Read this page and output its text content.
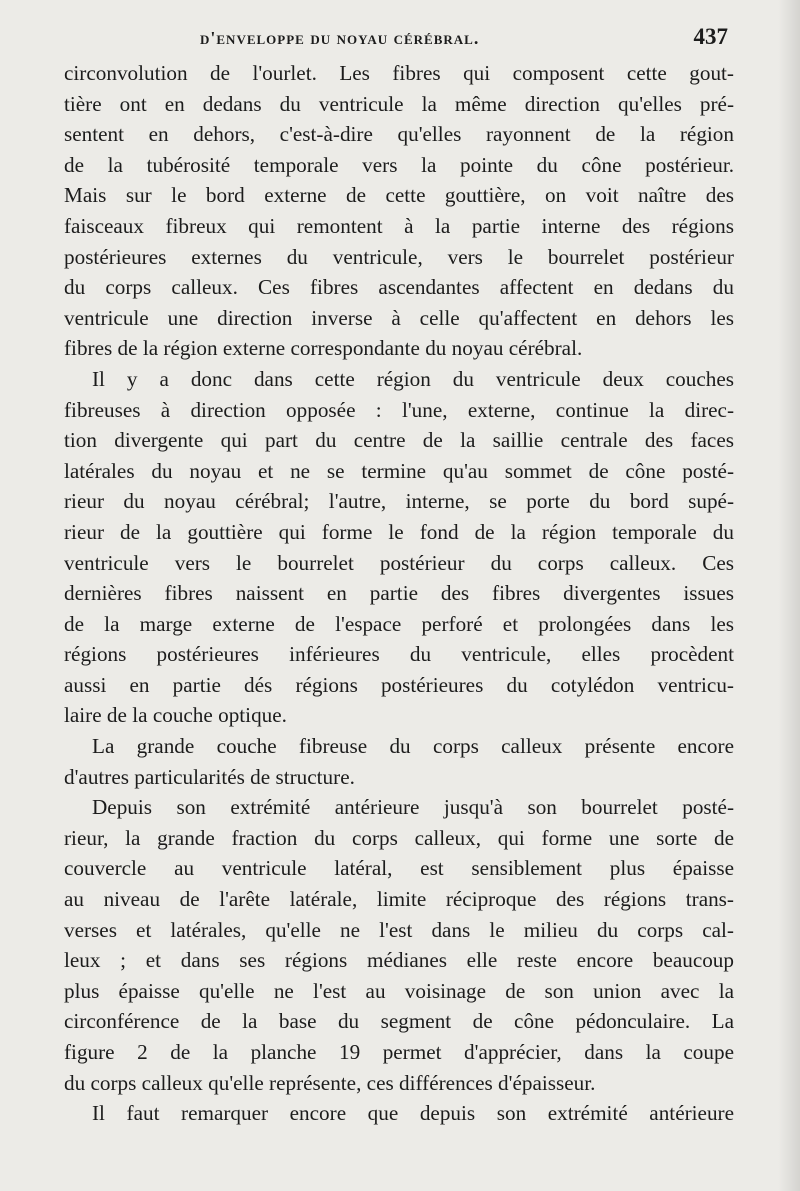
d'enveloppe du noyau cérébral.	437
circonvolution de l'ourlet. Les fibres qui composent cette gout-
tière ont en dedans du ventricule la même direction qu'elles pré-
sentent en dehors, c'est-à-dire qu'elles rayonnent de la région
de la tubérosité temporale vers la pointe du cône postérieur.
Mais sur le bord externe de cette gouttière, on voit naître des
faisceaux fibreux qui remontent à la partie interne des régions
postérieures externes du ventricule, vers le bourrelet postérieur
du corps calleux. Ces fibres ascendantes affectent en dedans du
ventricule une direction inverse à celle qu'affectent en dehors les
fibres de la région externe correspondante du noyau cérébral.
Il y a donc dans cette région du ventricule deux couches
fibreuses à direction opposée : l'une, externe, continue la direc-
tion divergente qui part du centre de la saillie centrale des faces
latérales du noyau et ne se termine qu'au sommet de cône posté-
rieur du noyau cérébral; l'autre, interne, se porte du bord supé-
rieur de la gouttière qui forme le fond de la région temporale du
ventricule vers le bourrelet postérieur du corps calleux. Ces
dernières fibres naissent en partie des fibres divergentes issues
de la marge externe de l'espace perforé et prolongées dans les
régions postérieures inférieures du ventricule, elles procèdent
aussi en partie dés régions postérieures du cotylédon ventricu-
laire de la couche optique.
La grande couche fibreuse du corps calleux présente encore
d'autres particularités de structure.
Depuis son extrémité antérieure jusqu'à son bourrelet posté-
rieur, la grande fraction du corps calleux, qui forme une sorte de
couvercle au ventricule latéral, est sensiblement plus épaisse
au niveau de l'arête latérale, limite réciproque des régions trans-
verses et latérales, qu'elle ne l'est dans le milieu du corps cal-
leux ; et dans ses régions médianes elle reste encore beaucoup
plus épaisse qu'elle ne l'est au voisinage de son union avec la
circonférence de la base du segment de cône pédonculaire. La
figure 2 de la planche 19 permet d'apprécier, dans la coupe
du corps calleux qu'elle représente, ces différences d'épaisseur.
Il faut remarquer encore que depuis son extrémité antérieure
